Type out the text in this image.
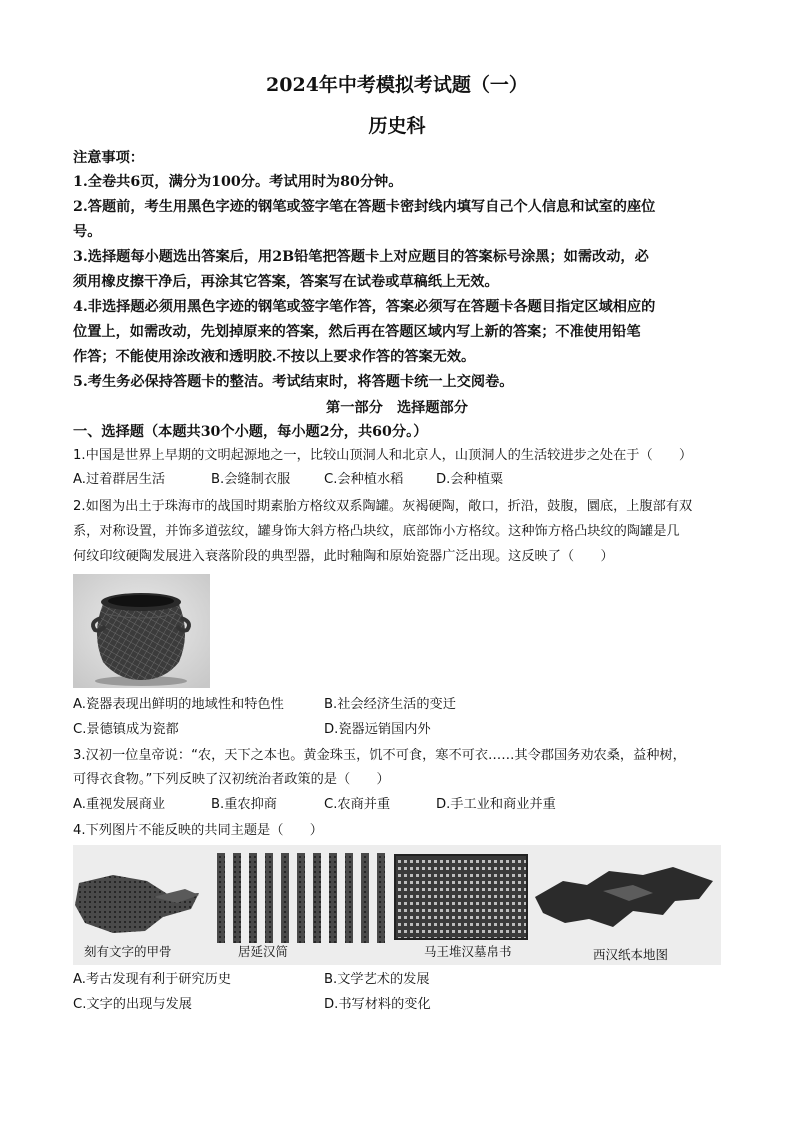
2024年中考模拟考试题（一）
历史科
注意事项：
1.全卷共6页，满分为100分。考试用时为80分钟。
2.答题前，考生用黑色字迹的钢笔或签字笔在答题卡密封线内填写自己个人信息和试室的座位
号。
3.选择题每小题选出答案后，用2B铅笔把答题卡上对应题目的答案标号涂黑；如需改动，必
须用橡皮擦干净后，再涂其它答案，答案写在试卷或草稿纸上无效。
4.非选择题必须用黑色字迹的钢笔或签字笔作答，答案必须写在答题卡各题目指定区域相应的
位置上，如需改动，先划掉原来的答案，然后再在答题区域内写上新的答案；不准使用铅笔
作答；不能使用涂改液和透明胶.不按以上要求作答的答案无效。
5.考生务必保持答题卡的整洁。考试结束时，将答题卡统一上交阅卷。
第一部分　选择题部分
一、选择题（本题共30个小题，每小题2分，共60分。）
1.中国是世界上早期的文明起源地之一，比较山顶洞人和北京人，山顶洞人的生活较进步之处在于（　　）
A.过着群居生活	B.会缝制衣服	C.会种植水稻 D.会种植粟
2.如图为出土于珠海市的战国时期素胎方格纹双系陶罐。灰褐硬陶，敞口，折沿，鼓腹，圜底，上腹部有双
系，对称设置，并饰多道弦纹，罐身饰大斜方格凸块纹，底部饰小方格纹。这种饰方格凸块纹的陶罐是几
何纹印纹硬陶发展进入衰落阶段的典型器，此时釉陶和原始瓷器广泛出现。这反映了（　　）
A.瓷器表现出鲜明的地域性和特色性	B.社会经济生活的变迁
C.景德镇成为瓷都	D.瓷器远销国内外
3.汉初一位皇帝说：“农，天下之本也。黄金珠玉，饥不可食，寒不可衣……其令郡国务劝农桑，益种树，
可得衣食物。”下列反映了汉初统治者政策的是（　　）
A.重视发展商业	B.重农抑商	C.农商并重	D.手工业和商业并重
4.下列图片不能反映的共同主题是（　　）
刻有文字的甲骨	居延汉简	马王堆汉墓帛书	西汉纸本地图
A.考古发现有利于研究历史	B.文学艺术的发展
C.文字的出现与发展	D.书写材料的变化
